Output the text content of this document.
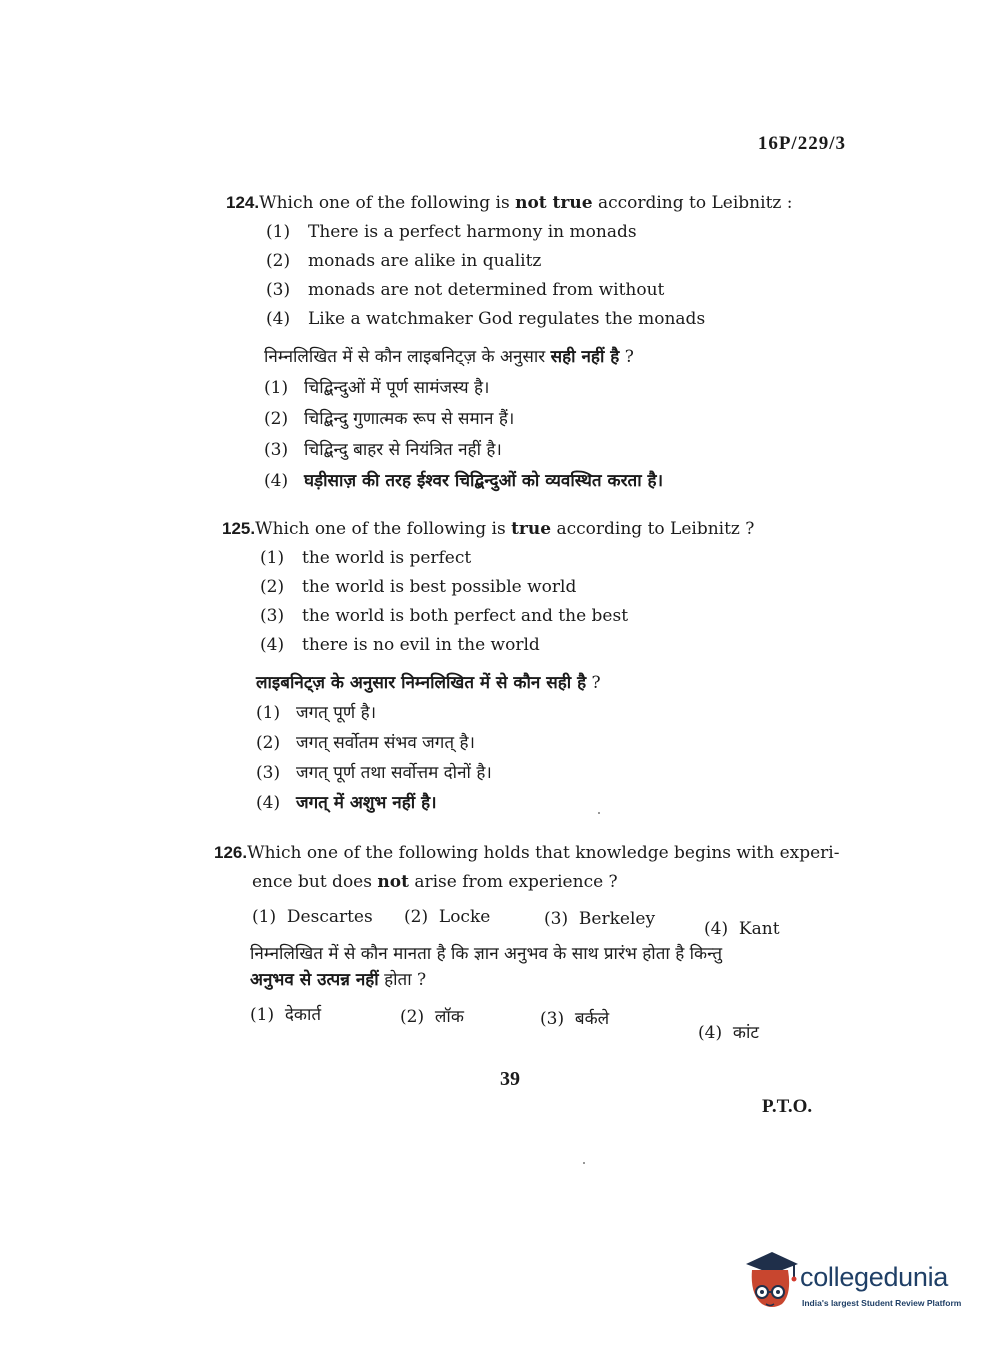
16P/229/3
124.Which one of the following is not true according to Leibnitz :
(1) There is a perfect harmony in monads
(2) monads are alike in qualitz
(3) monads are not determined from without
(4) Like a watchmaker God regulates the monads
निम्नलिखित में से कौन लाइबनिट्ज़ के अनुसार सही नहीं है ?
(1) चिद्बिन्दुओं में पूर्ण सामंजस्य है।
(2) चिद्बिन्दु गुणात्मक रूप से समान हैं।
(3) चिद्बिन्दु बाहर से नियंत्रित नहीं है।
(4) घड़ीसाज़ की तरह ईश्वर चिद्बिन्दुओं को व्यवस्थित करता है।
125.Which one of the following is true according to Leibnitz ?
(1) the world is perfect
(2) the world is best possible world
(3) the world is both perfect and the best
(4) there is no evil in the world
लाइबनिट्ज़ के अनुसार निम्नलिखित में से कौन सही है ?
(1) जगत् पूर्ण है।
(2) जगत् सर्वोतम संभव जगत् है।
(3) जगत् पूर्ण तथा सर्वोत्तम दोनों है।
(4) जगत् में अशुभ नहीं है।
126.Which one of the following holds that knowledge begins with experi-
ence but does not arise from experience ?
(1) Descartes (2) Locke	(3) Berkeley	(4) Kant
निम्नलिखित में से कौन मानता है कि ज्ञान अनुभव के साथ प्रारंभ होता है किन्तु
अनुभव से उत्पन्न नहीं होता ?
(1) देकार्त	(2) लॉक	(3) बर्कले
(4) कांट
39
P.T.O.
collegedunia
India's largest Student Review Platform
